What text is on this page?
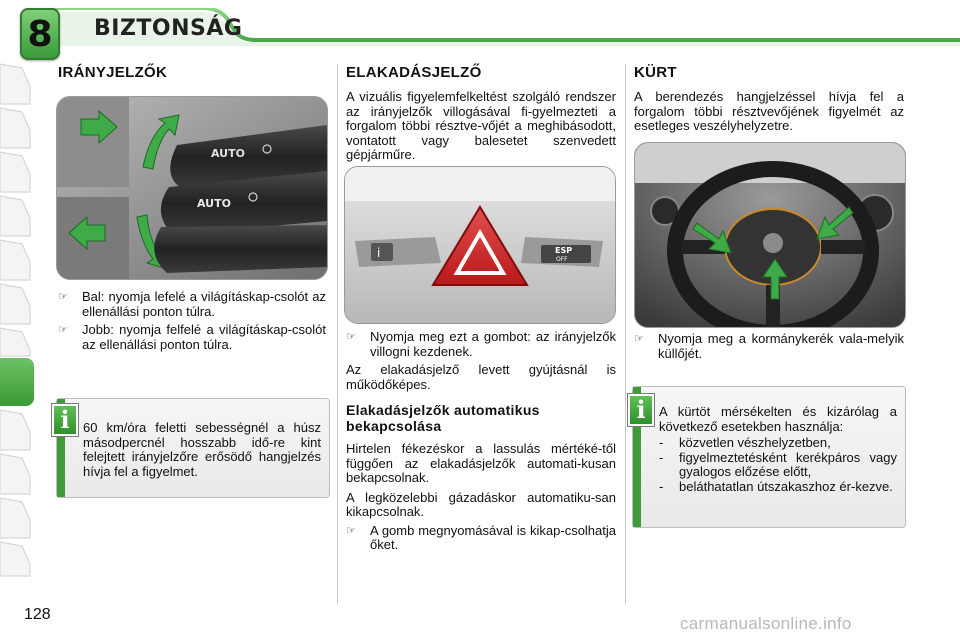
8	BIZTONSÁG
IRÁNYJELZŐK
AUTO
AUTO
☞	Bal: nyomja lefelé a világításkap-csolót az ellenállási ponton túlra.
☞	Jobb: nyomja felfelé a világításkap-csolót az ellenállási ponton túlra.
60 km/óra feletti sebességnél a húsz másodpercnél hosszabb idő-re kint felejtett irányjelzőre erősödő hangjelzés hívja fel a figyelmet.
i
ELAKADÁSJELZŐ
A vizuális figyelemfelkeltést szolgáló rendszer az irányjelzők villogásával fi-gyelmezteti a forgalom többi résztve-vőjét a meghibásodott, vontatott vagy balesetet szenvedett gépjárműre.
i	ESP
OFF
☞	Nyomja meg ezt a gombot: az irányjelzők villogni kezdenek.
Az elakadásjelző levett gyújtásnál is működőképes.
Elakadásjelzők automatikus bekapcsolása
Hirtelen fékezéskor a lassulás mértéké-től függően az elakadásjelzők automati-kusan bekapcsolnak.
A legközelebbi gázadáskor automatiku-san kikapcsolnak.
☞	A gomb megnyomásával is kikap-csolhatja őket.
KÜRT
A berendezés hangjelzéssel hívja fel a forgalom többi résztvevőjének figyelmét az esetleges veszélyhelyzetre.
☞	Nyomja meg a kormánykerék vala-melyik küllőjét.
A kürtöt mérsékelten és kizárólag a következő esetekben használja:
-	közvetlen vészhelyzetben,
-	figyelmeztetésként kerékpáros vagy gyalogos előzése előtt,
-	beláthatatlan útszakaszhoz ér-kezve.
i
128	carmanualsonline.info
